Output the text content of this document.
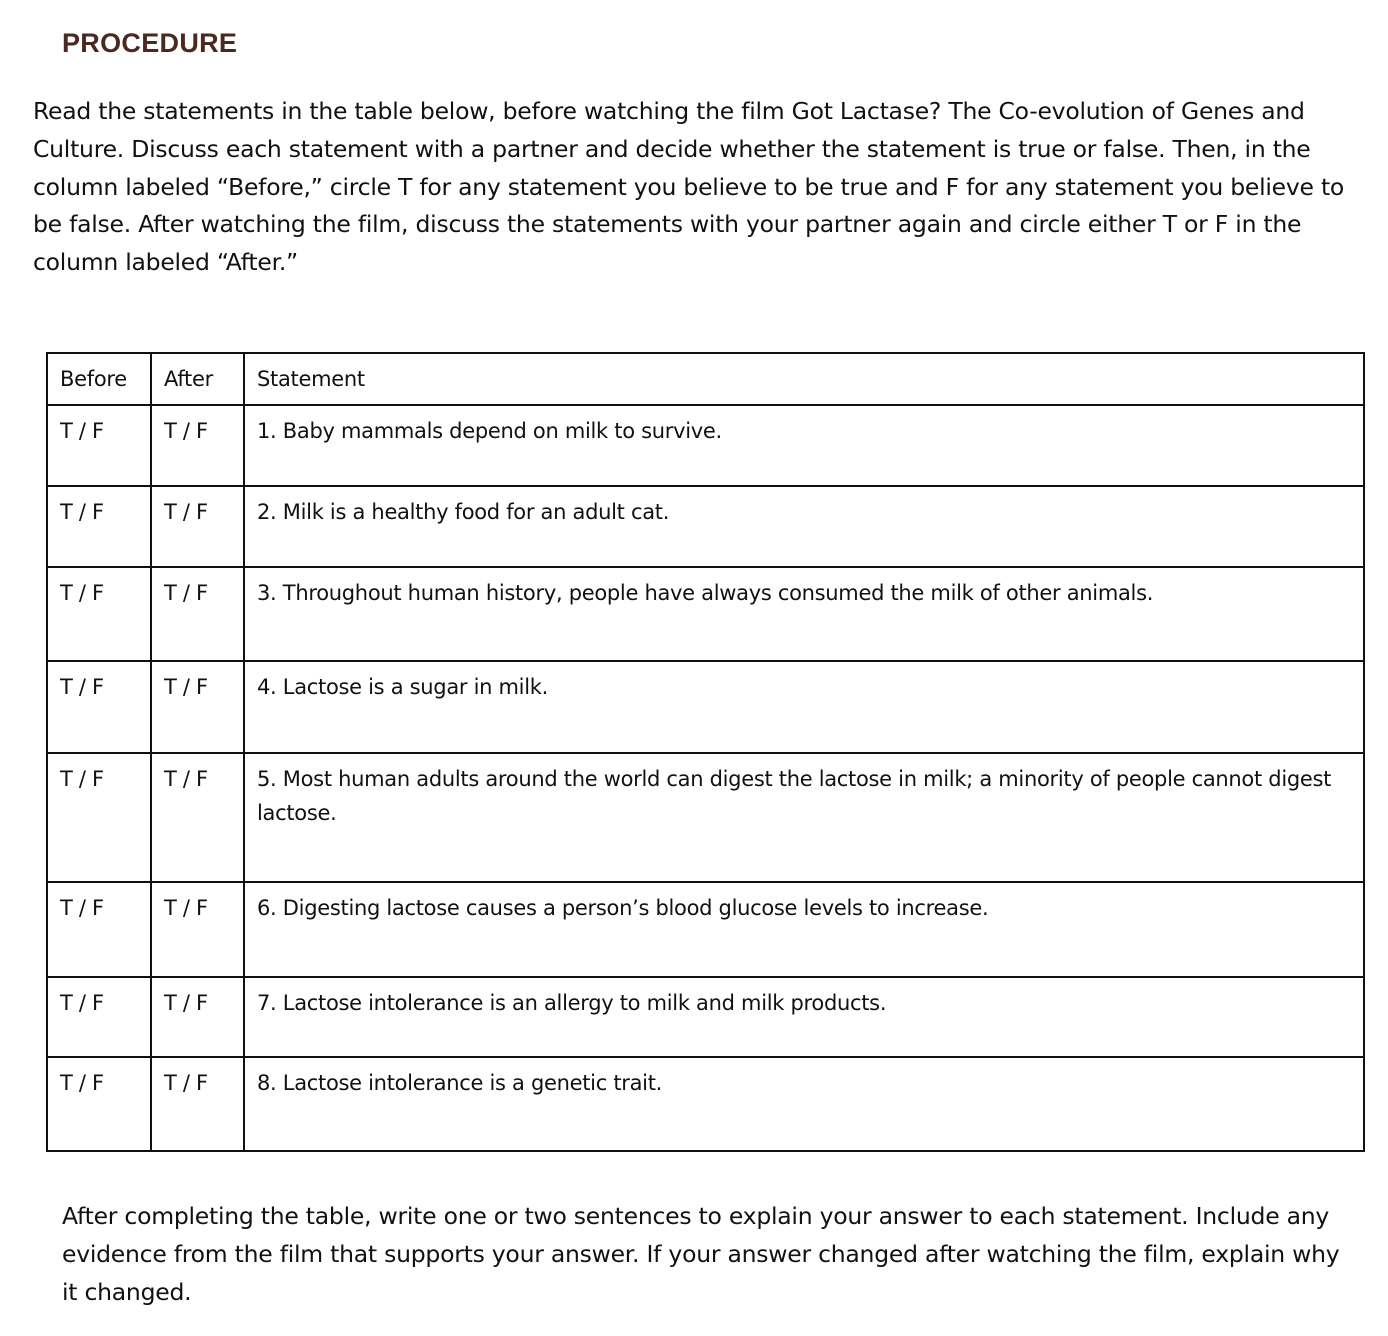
PROCEDURE

Read the statements in the table below, before watching the film Got Lactase? The Co-evolution of Genes and Culture. Discuss each statement with a partner and decide whether the statement is true or false. Then, in the column labeled “Before,” circle T for any statement you believe to be true and F for any statement you believe to be false. After watching the film, discuss the statements with your partner again and circle either T or F in the column labeled “After.”

Before	After	Statement
T / F	T / F	1. Baby mammals depend on milk to survive.
T / F	T / F	2. Milk is a healthy food for an adult cat.
T / F	T / F	3. Throughout human history, people have always consumed the milk of other animals.
T / F	T / F	4. Lactose is a sugar in milk.
T / F	T / F	5. Most human adults around the world can digest the lactose in milk; a minority of people cannot digest lactose.
T / F	T / F	6. Digesting lactose causes a person’s blood glucose levels to increase.
T / F	T / F	7. Lactose intolerance is an allergy to milk and milk products.
T / F	T / F	8. Lactose intolerance is a genetic trait.

After completing the table, write one or two sentences to explain your answer to each statement. Include any evidence from the film that supports your answer. If your answer changed after watching the film, explain why it changed.
